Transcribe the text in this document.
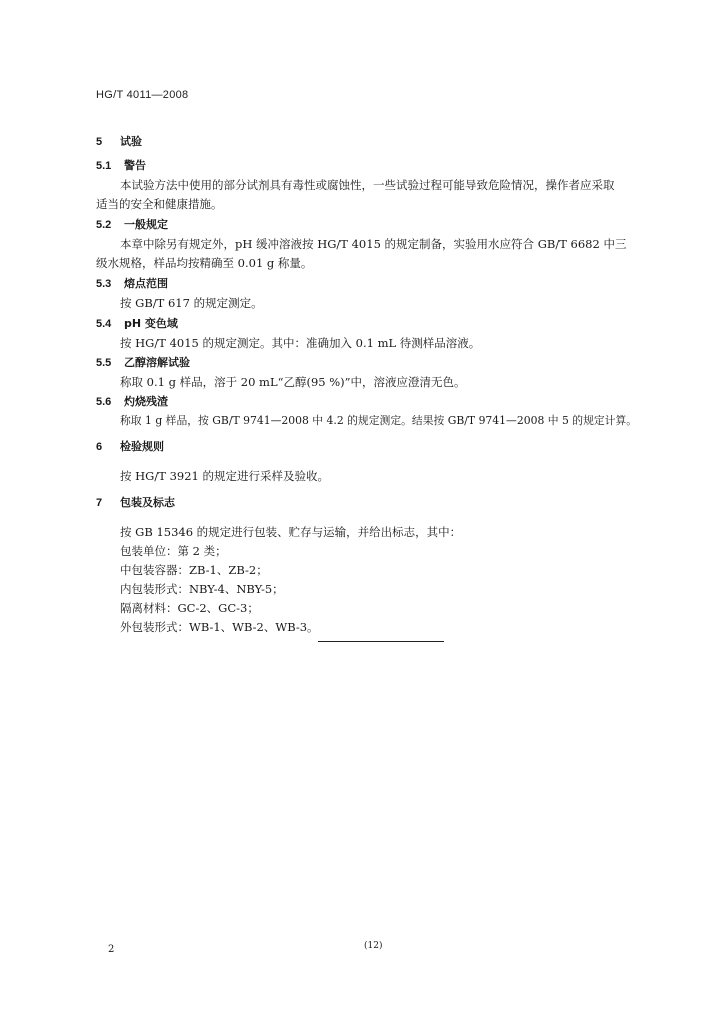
HG/T 4011—2008
5 试验
5.1 警告
本试验方法中使用的部分试剂具有毒性或腐蚀性，一些试验过程可能导致危险情况，操作者应采取
适当的安全和健康措施。
5.2 一般规定
本章中除另有规定外，pH 缓冲溶液按 HG/T 4015 的规定制备，实验用水应符合 GB/T 6682 中三
级水规格，样品均按精确至 0.01 g 称量。
5.3 熔点范围
按 GB/T 617 的规定测定。
5.4 pH 变色域
按 HG/T 4015 的规定测定。其中：准确加入 0.1 mL 待测样品溶液。
5.5 乙醇溶解试验
称取 0.1 g 样品，溶于 20 mL“乙醇(95 %)”中，溶液应澄清无色。
5.6 灼烧残渣
称取 1 g 样品，按 GB/T 9741—2008 中 4.2 的规定测定。结果按 GB/T 9741—2008 中 5 的规定计算。
6 检验规则
按 HG/T 3921 的规定进行采样及验收。
7 包装及标志
按 GB 15346 的规定进行包装、贮存与运输，并给出标志，其中：
包装单位：第 2 类；
中包装容器：ZB-1、ZB-2；
内包装形式：NBY-4、NBY-5；
隔离材料：GC-2、GC-3；
外包装形式：WB-1、WB-2、WB-3。
2	(12)
